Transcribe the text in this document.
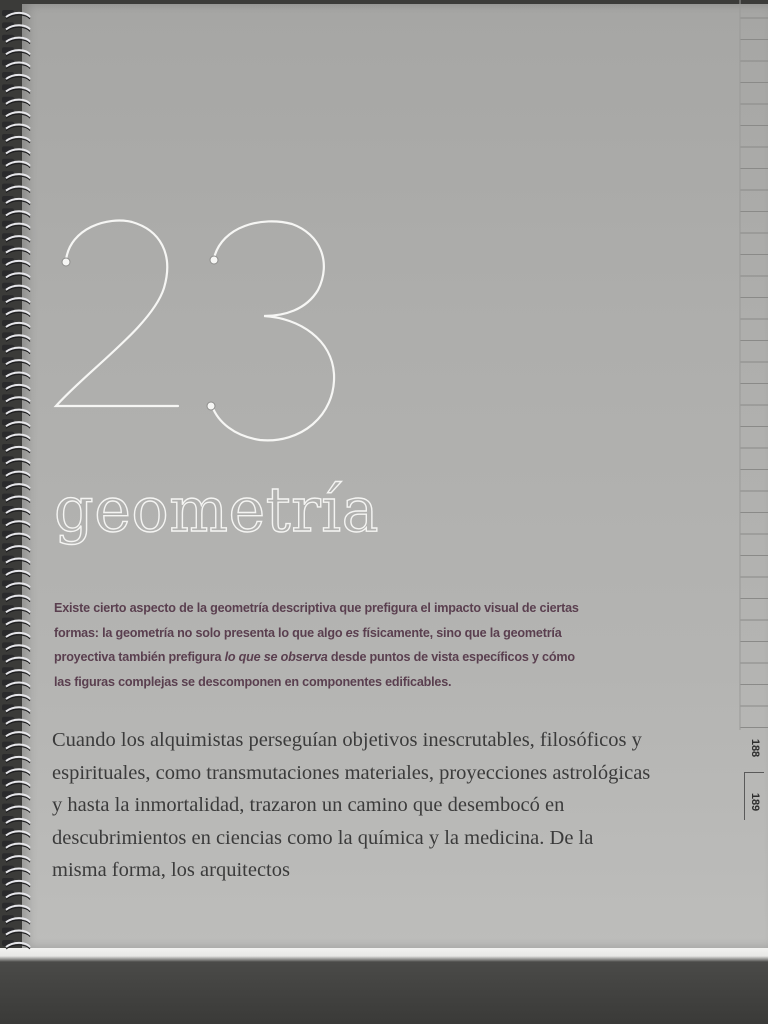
23
geometría

Existe cierto aspecto de la geometría descriptiva que prefigura el impacto visual de ciertas formas: la geometría no solo presenta lo que algo es físicamente, sino que la geometría proyectiva también prefigura lo que se observa desde puntos de vista específicos y cómo las figuras complejas se descomponen en componentes edificables.

Cuando los alquimistas perseguían objetivos inescrutables, filosóficos y espirituales, como transmutaciones materiales, proyecciones astrológicas y hasta la inmortalidad, trazaron un camino que desembocó en descubrimientos en ciencias como la química y la medicina. De la misma forma, los arquitectos

188
189
